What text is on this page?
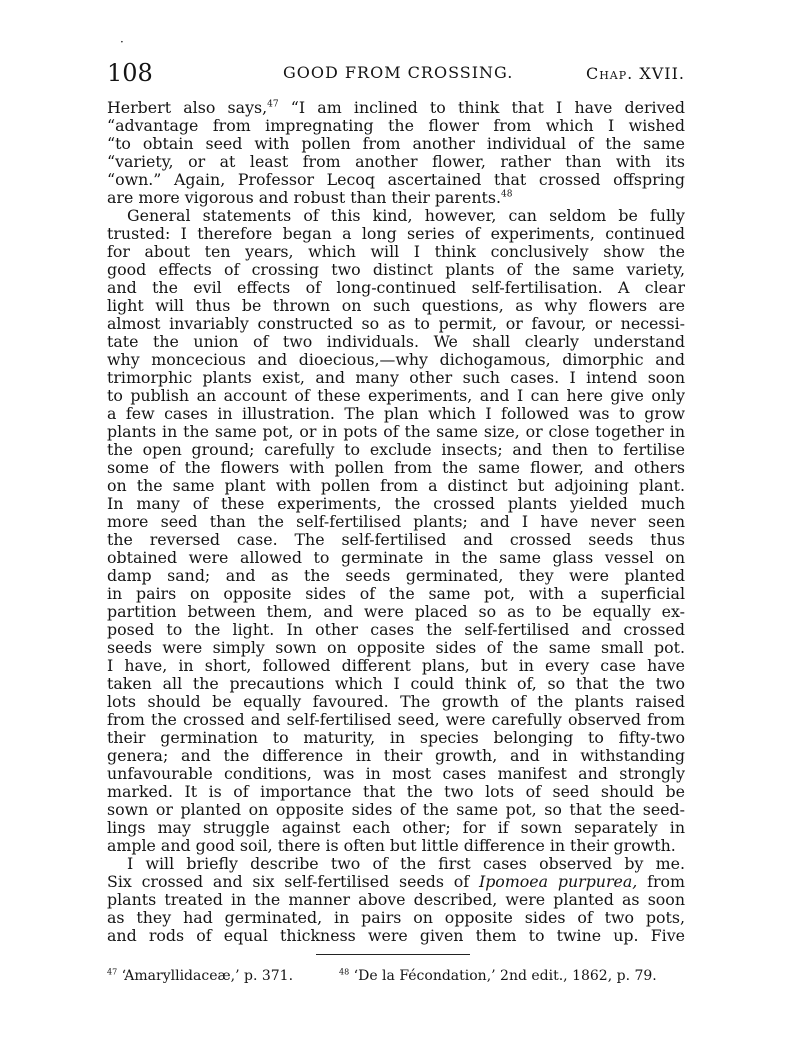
·
108	GOOD FROM CROSSING.	Chap. XVII.
Herbert also says,$^{47}$ “I am inclined to think that I have derived
“advantage from impregnating the flower from which I wished
“to obtain seed with pollen from another individual of the same
“variety, or at least from another flower, rather than with its
“own.” Again, Professor Lecoq ascertained that crossed offspring
are more vigorous and robust than their parents.$^{48}$
General statements of this kind, however, can seldom be fully
trusted: I therefore began a long series of experiments, continued
for about ten years, which will I think conclusively show the
good effects of crossing two distinct plants of the same variety,
and the evil effects of long-continued self-fertilisation. A clear
light will thus be thrown on such questions, as why flowers are
almost invariably constructed so as to permit, or favour, or necessi-
tate the union of two individuals. We shall clearly understand
why moncecious and dioecious,—why dichogamous, dimorphic and
trimorphic plants exist, and many other such cases. I intend soon
to publish an account of these experiments, and I can here give only
a few cases in illustration. The plan which I followed was to grow
plants in the same pot, or in pots of the same size, or close together in
the open ground; carefully to exclude insects; and then to fertilise
some of the flowers with pollen from the same flower, and others
on the same plant with pollen from a distinct but adjoining plant.
In many of these experiments, the crossed plants yielded much
more seed than the self-fertilised plants; and I have never seen
the reversed case. The self-fertilised and crossed seeds thus
obtained were allowed to germinate in the same glass vessel on
damp sand; and as the seeds germinated, they were planted
in pairs on opposite sides of the same pot, with a superficial
partition between them, and were placed so as to be equally ex-
posed to the light. In other cases the self-fertilised and crossed
seeds were simply sown on opposite sides of the same small pot.
I have, in short, followed different plans, but in every case have
taken all the precautions which I could think of, so that the two
lots should be equally favoured. The growth of the plants raised
from the crossed and self-fertilised seed, were carefully observed from
their germination to maturity, in species belonging to fifty-two
genera; and the difference in their growth, and in withstanding
unfavourable conditions, was in most cases manifest and strongly
marked. It is of importance that the two lots of seed should be
sown or planted on opposite sides of the same pot, so that the seed-
lings may struggle against each other; for if sown separately in
ample and good soil, there is often but little difference in their growth.
I will briefly describe two of the first cases observed by me.
Six crossed and six self-fertilised seeds of Ipomoea purpurea, from
plants treated in the manner above described, were planted as soon
as they had germinated, in pairs on opposite sides of two pots,
and rods of equal thickness were given them to twine up. Five
$^{47}$ ‘Amaryllidaceæ,’ p. 371.	$^{48}$ ‘De la Fécondation,’ 2nd edit., 1862, p. 79.
